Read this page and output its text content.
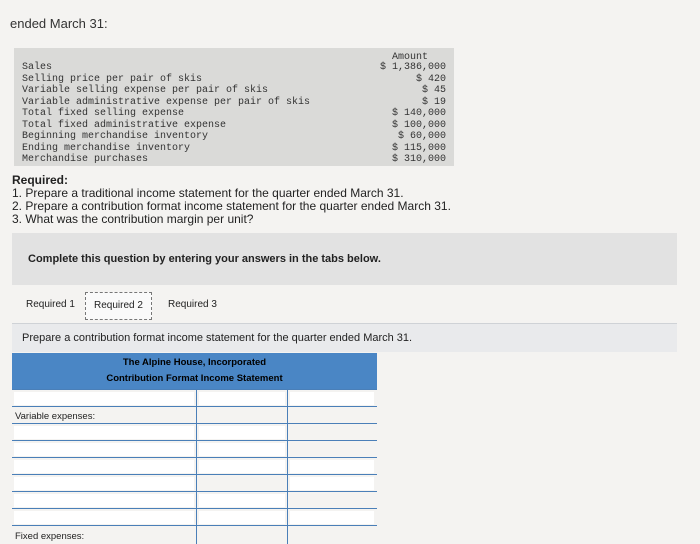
ended March 31:
Amount
Sales	$ 1,386,000
Selling price per pair of skis	$ 420
Variable selling expense per pair of skis	$ 45
Variable administrative expense per pair of skis	$ 19
Total fixed selling expense	$ 140,000
Total fixed administrative expense	$ 100,000
Beginning merchandise inventory	$ 60,000
Ending merchandise inventory	$ 115,000
Merchandise purchases	$ 310,000
Required:
1. Prepare a traditional income statement for the quarter ended March 31.
2. Prepare a contribution format income statement for the quarter ended March 31.
3. What was the contribution margin per unit?
Complete this question by entering your answers in the tabs below.
Required 1	Required 2	Required 3
Prepare a contribution format income statement for the quarter ended March 31.
The Alpine House, Incorporated
Contribution Format Income Statement
Variable expenses:
Fixed expenses:
